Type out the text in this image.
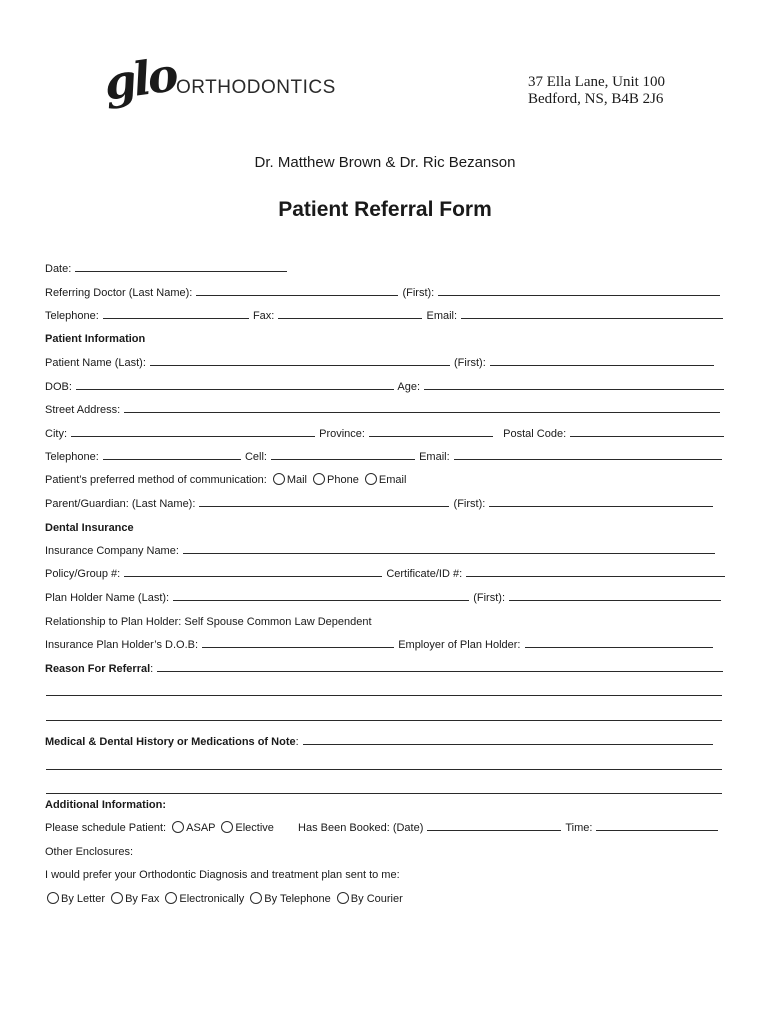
glo
ORTHODONTICS	37 Ella Lane, Unit 100
Bedford, NS, B4B 2J6
Dr. Matthew Brown & Dr. Ric Bezanson
Patient Referral Form
Date:
Referring Doctor (Last Name):	(First):
Telephone:	Fax:	Email:
Patient Information
Patient Name (Last):	(First):
DOB:	Age:
Street Address:
City:	Province:	Postal Code:
Telephone:	Cell:	Email:
Patient’s preferred method of communication: Mail Phone Email
Parent/Guardian: (Last Name):	(First):
Dental Insurance
Insurance Company Name:
Policy/Group #:	Certificate/ID #:
Plan Holder Name (Last):	(First):
Relationship to Plan Holder: Self Spouse Common Law Dependent
Insurance Plan Holder’s D.O.B:	Employer of Plan Holder:
Reason For Referral:
Medical & Dental History or Medications of Note:
Additional Information:
Please schedule Patient: ASAP Elective Has Been Booked: (Date)	Time:
Other Enclosures:
I would prefer your Orthodontic Diagnosis and treatment plan sent to me:
By Letter By Fax Electronically By Telephone By Courier
